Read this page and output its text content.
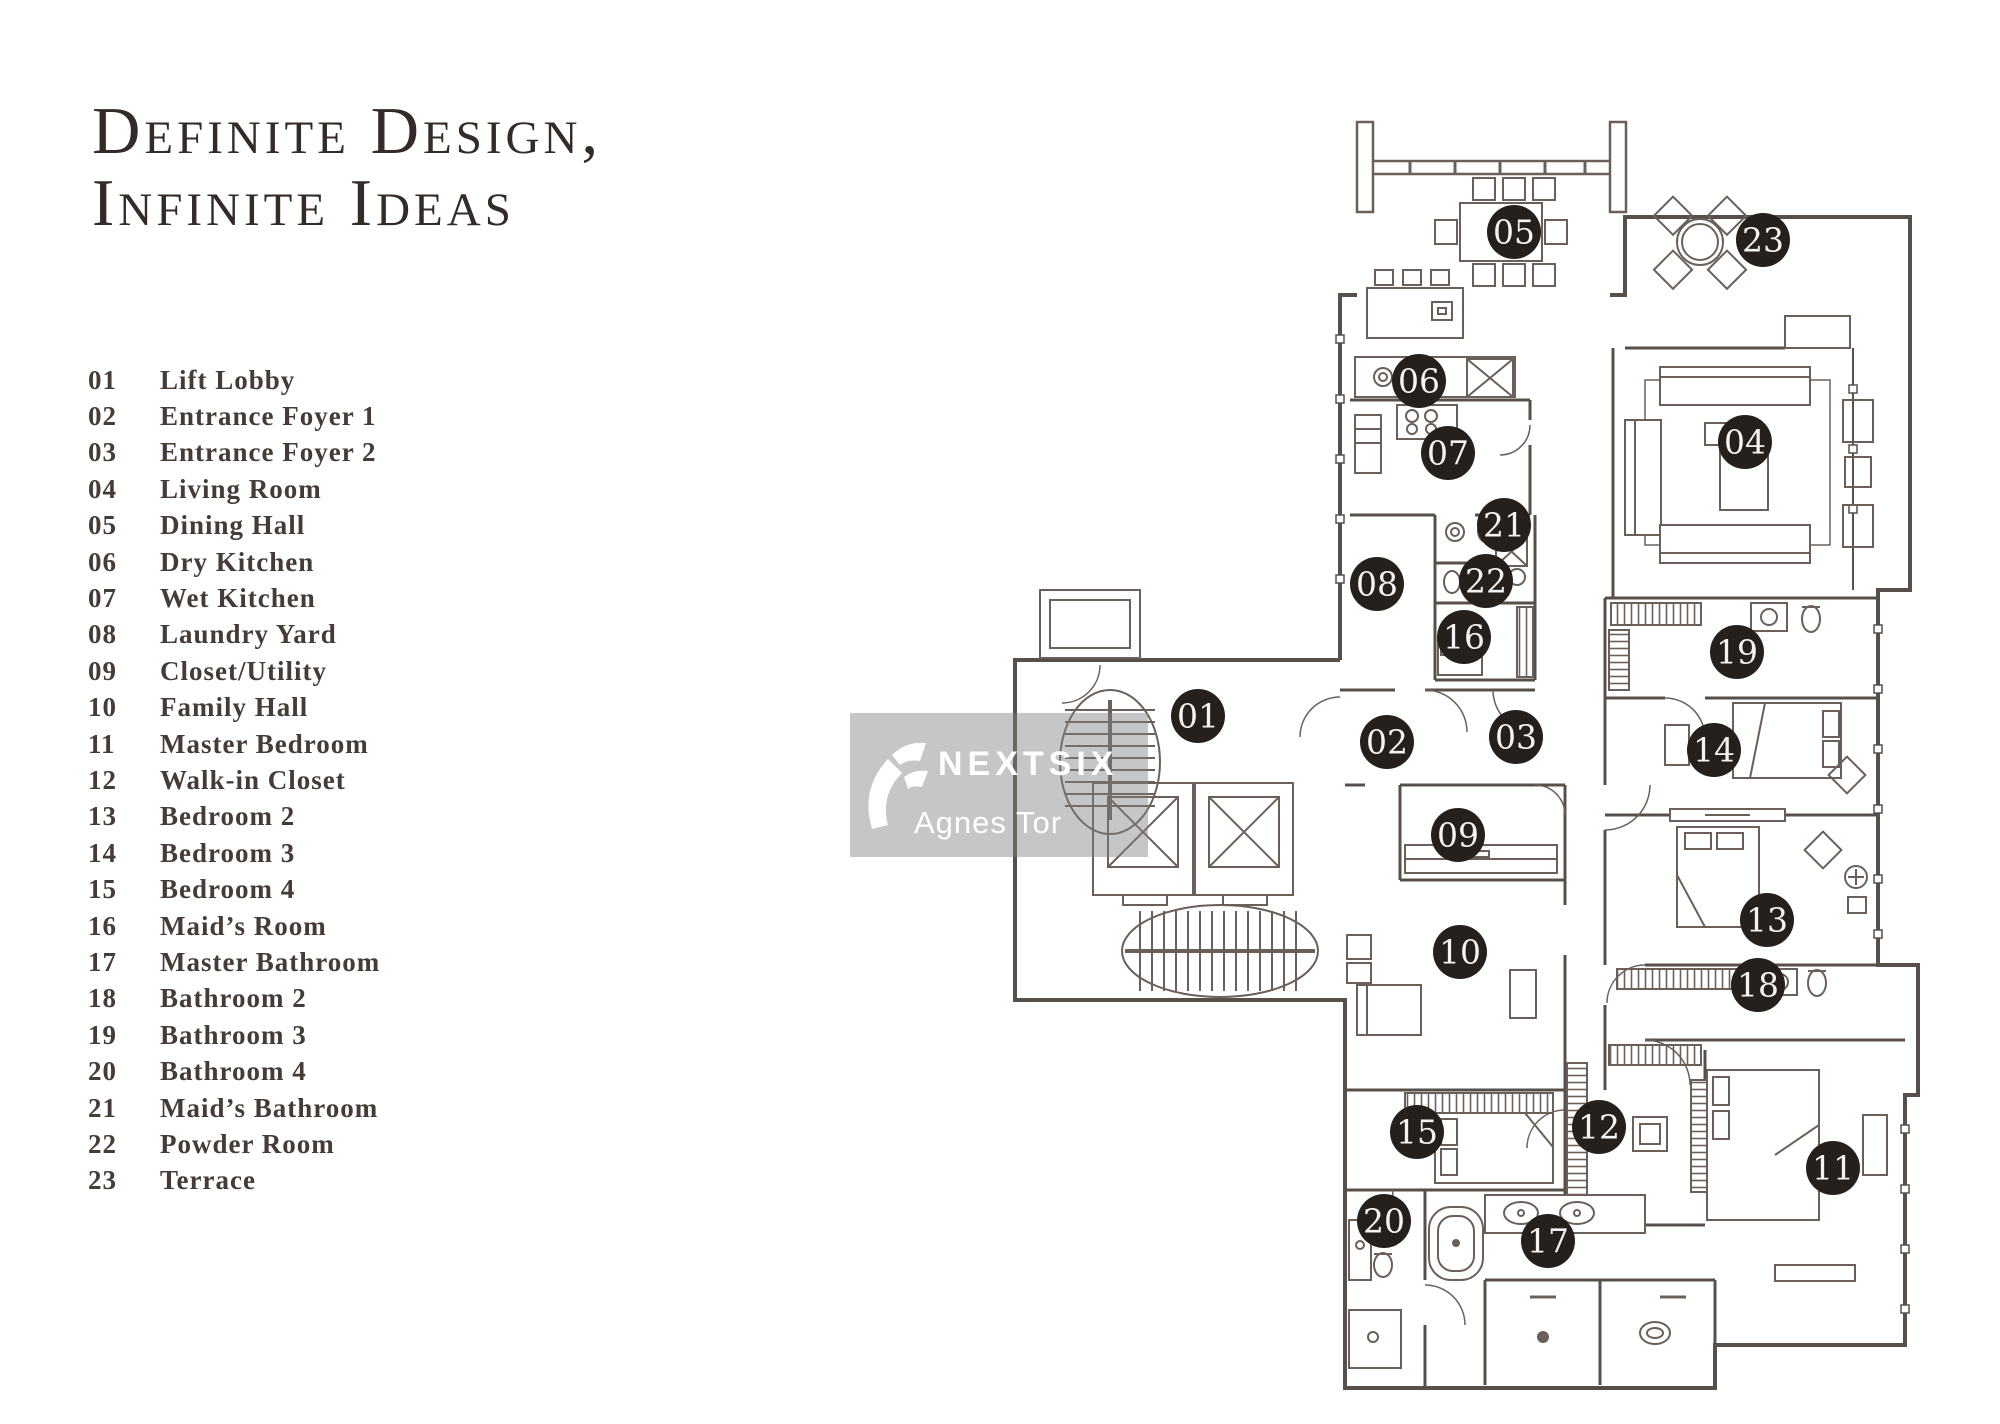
Definite Design,
Infinite Ideas
01	Lift Lobby
02	Entrance Foyer 1
03	Entrance Foyer 2
04	Living Room
05	Dining Hall
06	Dry Kitchen
07	Wet Kitchen
08	Laundry Yard
09	Closet/Utility
10	Family Hall
11	Master Bedroom
12	Walk-in Closet
13	Bedroom 2
14	Bedroom 3
15	Bedroom 4
16	Maid’s Room
17	Master Bathroom
18	Bathroom 2
19	Bathroom 3
20	Bathroom 4
21	Maid’s Bathroom
22	Powder Room
23	Terrace
01
02	03
04
05
06
07
08
09
10
11
12
13
14
15
16
17
18
19
20
21
22
23
NEXTSIX
Agnes Tor
